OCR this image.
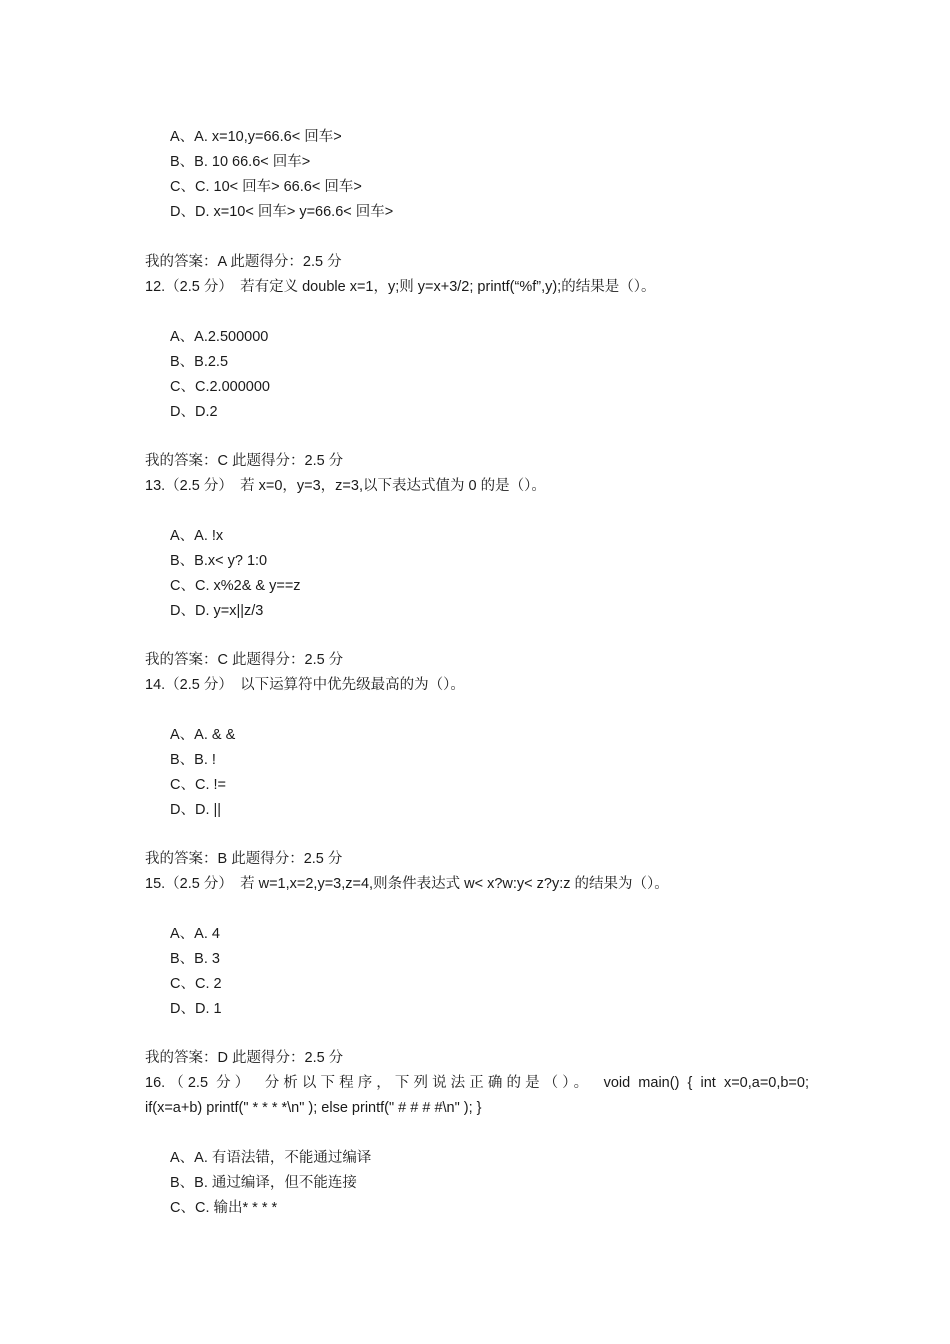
A、A. x=10,y=66.6< 回车>
B、B. 10 66.6< 回车>
C、C. 10< 回车> 66.6< 回车>
D、D. x=10< 回车> y=66.6< 回车>
我的答案：A 此题得分：2.5 分
12.（2.5 分）　若有定义 double x=1，y;则 y=x+3/2; printf(“%f”,y);的结果是（）。
A、A.2.500000
B、B.2.5
C、C.2.000000
D、D.2
我的答案：C 此题得分：2.5 分
13.（2.5 分）　若 x=0，y=3，z=3,以下表达式值为 0 的是（）。
A、A. !x
B、B.x< y? 1:0
C、C. x%2& & y==z
D、D. y=x||z/3
我的答案：C 此题得分：2.5 分
14.（2.5 分）　以下运算符中优先级最高的为（）。
A、A. & &
B、B. !
C、C. !=
D、D. ||
我的答案：B 此题得分：2.5 分
15.（2.5 分）　若 w=1,x=2,y=3,z=4,则条件表达式 w< x?w:y< z?y:z 的结果为（）。
A、A. 4
B、B. 3
C、C. 2
D、D. 1
我的答案：D 此题得分：2.5 分
16.（2.5 分）　分析以下程序，下列说法正确的是（）。　void main() { int x=0,a=0,b=0;
if(x=a+b) printf(" * * * *\n" ); else printf(" # # # #\n" ); }
A、A. 有语法错，不能通过编译
B、B. 通过编译，但不能连接
C、C. 输出* * * *
